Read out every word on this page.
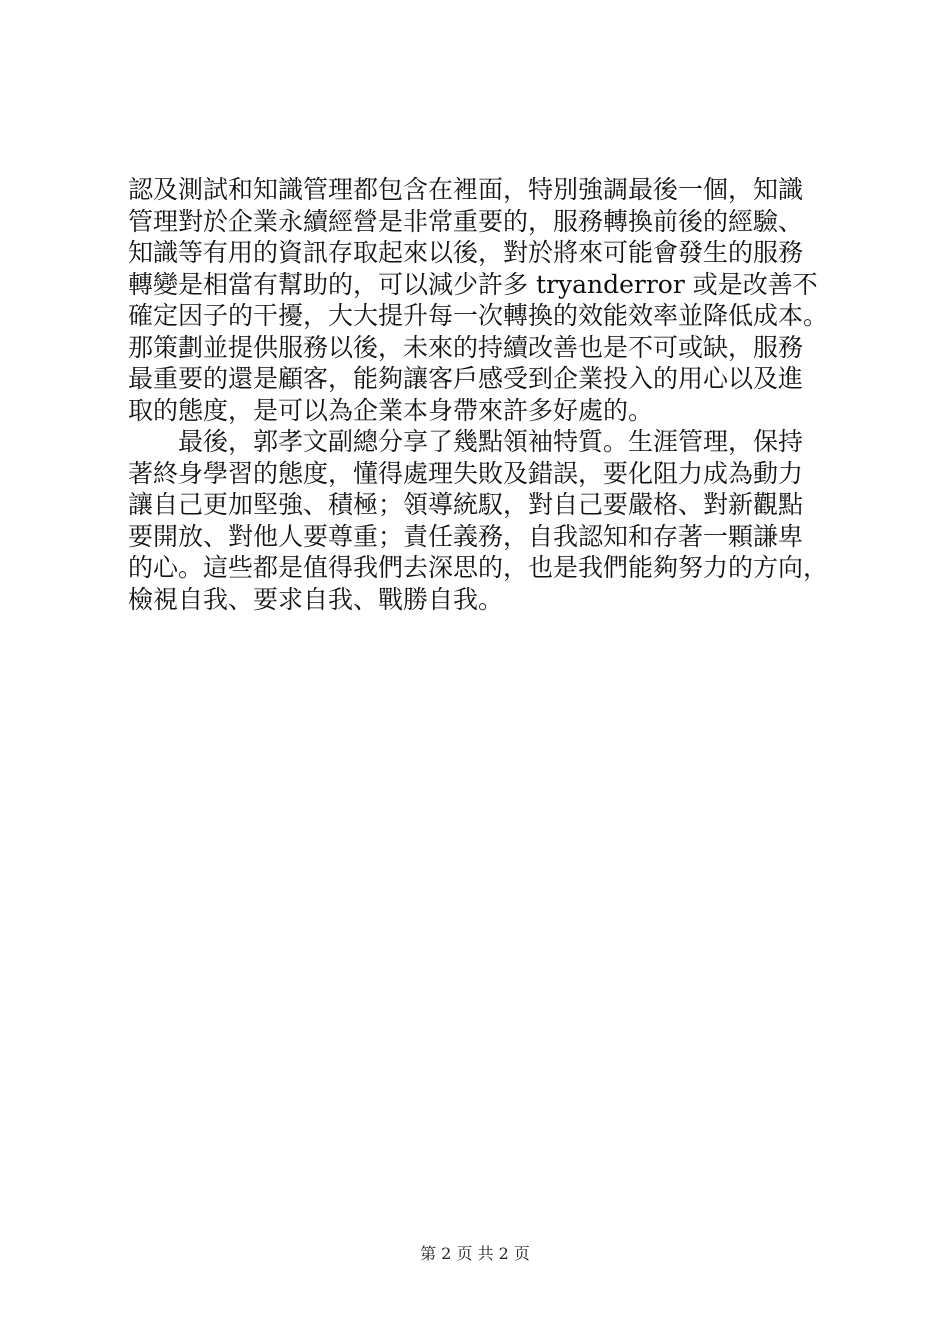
認及測試和知識管理都包含在裡面，特別強調最後一個，知識
管理對於企業永續經營是非常重要的，服務轉換前後的經驗、
知識等有用的資訊存取起來以後，對於將來可能會發生的服務
轉變是相當有幫助的，可以減少許多 tryanderror 或是改善不
確定因子的干擾，大大提升每一次轉換的效能效率並降低成本。
那策劃並提供服務以後，未來的持續改善也是不可或缺，服務
最重要的還是顧客，能夠讓客戶感受到企業投入的用心以及進
取的態度，是可以為企業本身帶來許多好處的。
　　最後，郭孝文副總分享了幾點領袖特質。生涯管理，保持
著終身學習的態度，懂得處理失敗及錯誤，要化阻力成為動力
讓自己更加堅強、積極；領導統馭，對自己要嚴格、對新觀點
要開放、對他人要尊重；責任義務，自我認知和存著一顆謙卑
的心。這些都是值得我們去深思的，也是我們能夠努力的方向，
檢視自我、要求自我、戰勝自我。
第 2 页 共 2 页
